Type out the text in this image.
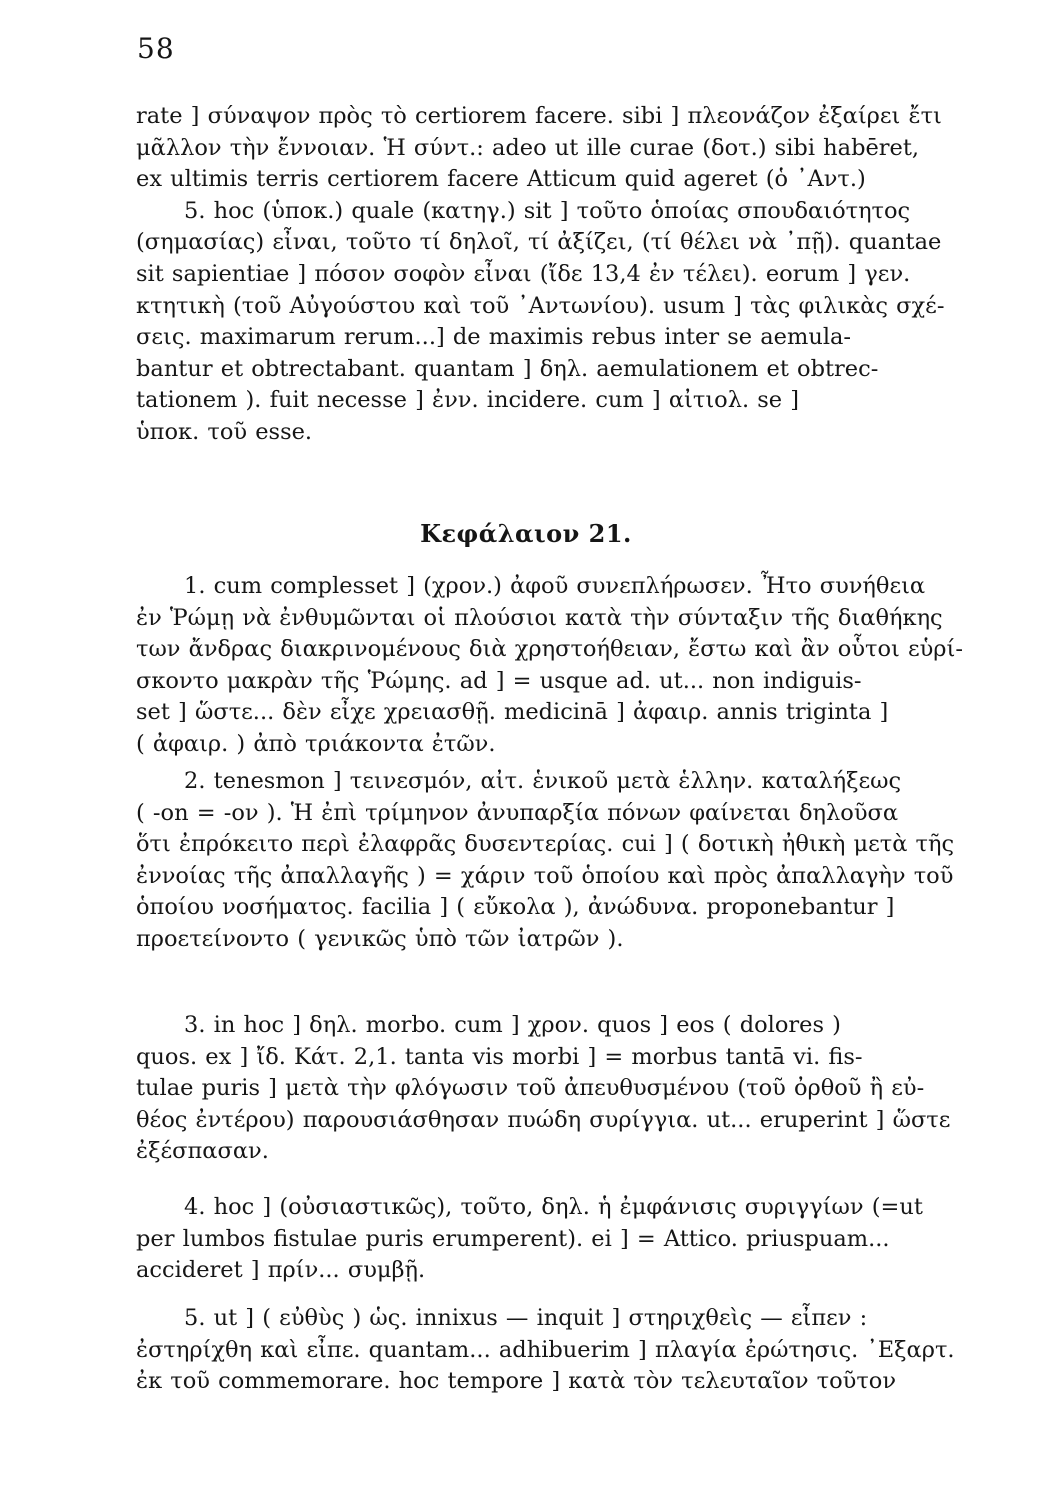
58
rate ] σύναψον πρὸς τὸ certiorem facere. sibi ] πλεονάζον ἐξαίρει ἔτι
μᾶλλον τὴν ἔννοιαν. Ἡ σύντ.: adeo ut ille curae (δοτ.) sibi habēret,
ex ultimis terris certiorem facere Atticum quid ageret (ὁ ᾿Αντ.)
5. hoc (ὑποκ.) quale (κατηγ.) sit ] τοῦτο ὁποίας σπουδαιότητος
(σημασίας) εἶναι, τοῦτο τί δηλοῖ, τί ἀξίζει, (τί θέλει νὰ ᾿πῇ). quantae
sit sapientiae ] πόσον σοφὸν εἶναι (ἴδε 13,4 ἐν τέλει). eorum ] γεν.
κτητικὴ (τοῦ Αὐγούστου καὶ τοῦ ᾿Αντωνίου). usum ] τὰς φιλικὰς σχέ-
σεις. maximarum rerum...] de maximis rebus inter se aemula-
bantur et obtrectabant. quantam ] δηλ. aemulationem et obtrec-
tationem ). fuit necesse ] ἐνν. incidere. cum ] αἰτιολ. se ]
ὑποκ. τοῦ esse.
Κεφάλαιον 21.
1. cum complesset ] (χρον.) ἀφοῦ συνεπλήρωσεν. Ἦτο συνήθεια
ἐν Ῥώμῃ νὰ ἐνθυμῶνται οἱ πλούσιοι κατὰ τὴν σύνταξιν τῆς διαθήκης
των ἄνδρας διακρινομένους διὰ χρηστοήθειαν, ἔστω καὶ ἂν οὗτοι εὑρί-
σκοντο μακρὰν τῆς Ῥώμης. ad ] = usque ad. ut... non indiguis-
set ] ὥστε... δὲν εἶχε χρειασθῇ. medicinā ] ἀφαιρ. annis triginta ]
( ἀφαιρ. ) ἀπὸ τριάκοντα ἐτῶν.
2. tenesmon ] τεινεσμόν, αἰτ. ἑνικοῦ μετὰ ἑλλην. καταλήξεως
( -on = -ον ). Ἡ ἐπὶ τρίμηνον ἀνυπαρξία πόνων φαίνεται δηλοῦσα
ὅτι ἐπρόκειτο περὶ ἐλαφρᾶς δυσεντερίας. cui ] ( δοτικὴ ἠθικὴ μετὰ τῆς
ἐννοίας τῆς ἀπαλλαγῆς ) = χάριν τοῦ ὁποίου καὶ πρὸς ἀπαλλαγὴν τοῦ
ὁποίου νοσήματος. facilia ] ( εὔκολα ), ἀνώδυνα. proponebantur ]
προετείνοντο ( γενικῶς ὑπὸ τῶν ἰατρῶν ).
3. in hoc ] δηλ. morbo. cum ] χρον. quos ] eos ( dolores )
quos. ex ] ἴδ. Κάτ. 2,1. tanta vis morbi ] = morbus tantā vi. fis-
tulae puris ] μετὰ τὴν φλόγωσιν τοῦ ἀπευθυσμένου (τοῦ ὀρθοῦ ἢ εὐ-
θέος ἐντέρου) παρουσιάσθησαν πυώδη συρίγγια. ut... eruperint ] ὥστε
ἐξέσπασαν.
4. hoc ] (οὐσιαστικῶς), τοῦτο, δηλ. ἡ ἐμφάνισις συριγγίων (=ut
per lumbos fistulae puris erumperent). ei ] = Attico. priuspuam...
accideret ] πρίν... συμβῇ.
5. ut ] ( εὐθὺς ) ὡς. innixus — inquit ] στηριχθεὶς — εἶπεν :
ἐστηρίχθη καὶ εἶπε. quantam... adhibuerim ] πλαγία ἐρώτησις. ᾿Εξαρτ.
ἐκ τοῦ commemorare. hoc tempore ] κατὰ τὸν τελευταῖον τοῦτον
